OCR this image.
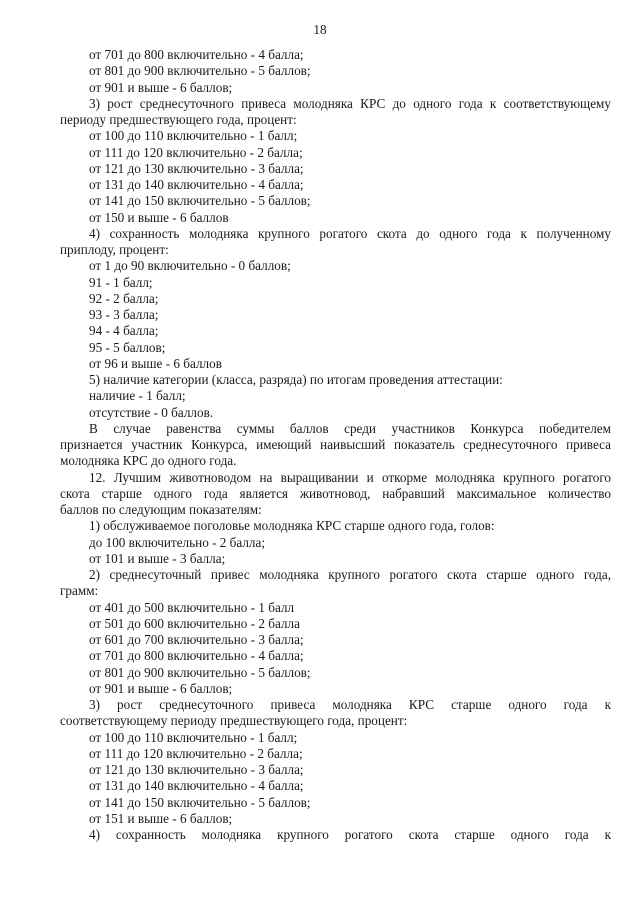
18
от 701 до 800 включительно - 4 балла;
от 801 до 900 включительно - 5 баллов;
от 901 и выше - 6 баллов;
3) рост среднесуточного привеса молодняка КРС до одного года к соответствующему
периоду предшествующего года, процент:
от 100 до 110 включительно - 1 балл;
от 111 до 120 включительно - 2 балла;
от 121 до 130 включительно - 3 балла;
от 131 до 140 включительно - 4 балла;
от 141 до 150 включительно - 5 баллов;
от 150 и выше - 6 баллов
4) сохранность молодняка крупного рогатого скота до одного года к полученному
приплоду, процент:
от 1 до 90 включительно - 0 баллов;
91 - 1 балл;
92 - 2 балла;
93 - 3 балла;
94 - 4 балла;
95 - 5 баллов;
от 96 и выше - 6 баллов
5) наличие категории (класса, разряда) по итогам проведения аттестации:
наличие - 1 балл;
отсутствие - 0 баллов.
В случае равенства суммы баллов среди участников Конкурса победителем
признается участник Конкурса, имеющий наивысший показатель среднесуточного привеса
молодняка КРС до одного года.
12. Лучшим животноводом на выращивании и откорме молодняка крупного рогатого
скота старше одного года является животновод, набравший максимальное количество
баллов по следующим показателям:
1) обслуживаемое поголовье молодняка КРС старше одного года, голов:
до 100 включительно - 2 балла;
от 101 и выше - 3 балла;
2) среднесуточный привес молодняка крупного рогатого скота старше одного года,
грамм:
от 401 до 500 включительно - 1 балл
от 501 до 600 включительно - 2 балла
от 601 до 700 включительно - 3 балла;
от 701 до 800 включительно - 4 балла;
от 801 до 900 включительно - 5 баллов;
от 901 и выше - 6 баллов;
3) рост среднесуточного привеса молодняка КРС старше одного года к
соответствующему периоду предшествующего года, процент:
от 100 до 110 включительно - 1 балл;
от 111 до 120 включительно - 2 балла;
от 121 до 130 включительно - 3 балла;
от 131 до 140 включительно - 4 балла;
от 141 до 150 включительно - 5 баллов;
от 151 и выше - 6 баллов;
4) сохранность молодняка крупного рогатого скота старше одного года к
